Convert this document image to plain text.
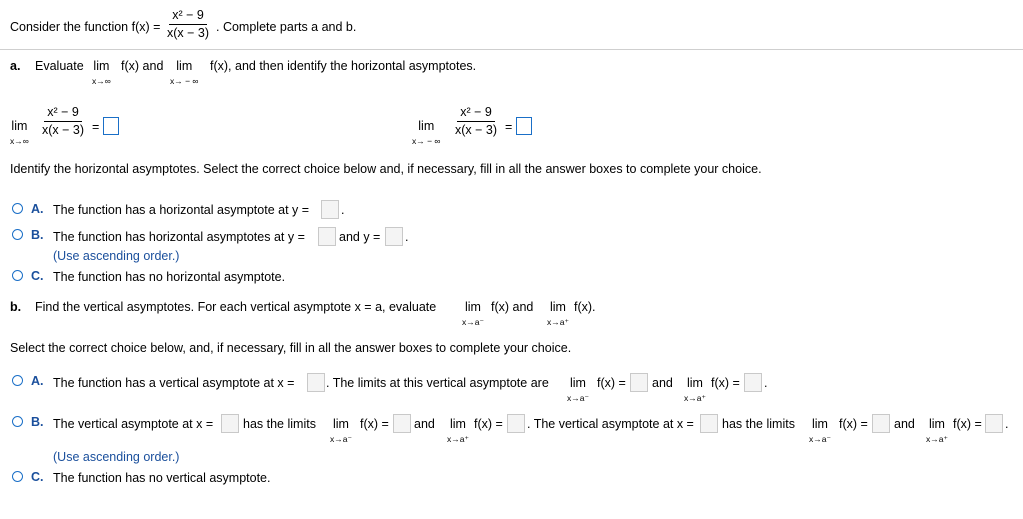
Consider the function $f(x) = \frac{\text{x² − 9}}{x(x - 3)}$ . Complete parts a and b.
a. Evaluate lim
x→∞
f(x) and lim
x→ − ∞
f(x), and then identify the horizontal asymptotes.
lim
x→∞
$\frac{\text{x² − 9}}{x(x - 3)}$ =	lim
x→ − ∞
$\frac{\text{x² − 9}}{x(x - 3)}$ =
Identify the horizontal asymptotes. Select the correct choice below and, if necessary, fill in all the answer boxes to complete your choice.
A. The function has a horizontal asymptote at y =	.
B. The function has horizontal asymptotes at y =	and y = .
(Use ascending order.)
C. The function has no horizontal asymptote.
b. Find the vertical asymptotes. For each vertical asymptote x = a, evaluate lim
x→a⁻
f(x) and lim
x→a⁺
f(x).
Select the correct choice below, and, if necessary, fill in all the answer boxes to complete your choice.
A. The function has a vertical asymptote at x =	. The limits at this vertical asymptote are lim
x→a⁻
f(x) = and lim
x→a⁺
f(x) = .
B. The vertical asymptote at x = has the limits lim
x→a⁻
f(x) = and lim
x→a⁺
f(x) = . The vertical asymptote at x = has the limits lim
x→a⁻
f(x) = and lim
x→a⁺
f(x) = .
(Use ascending order.)
C. The function has no vertical asymptote.
